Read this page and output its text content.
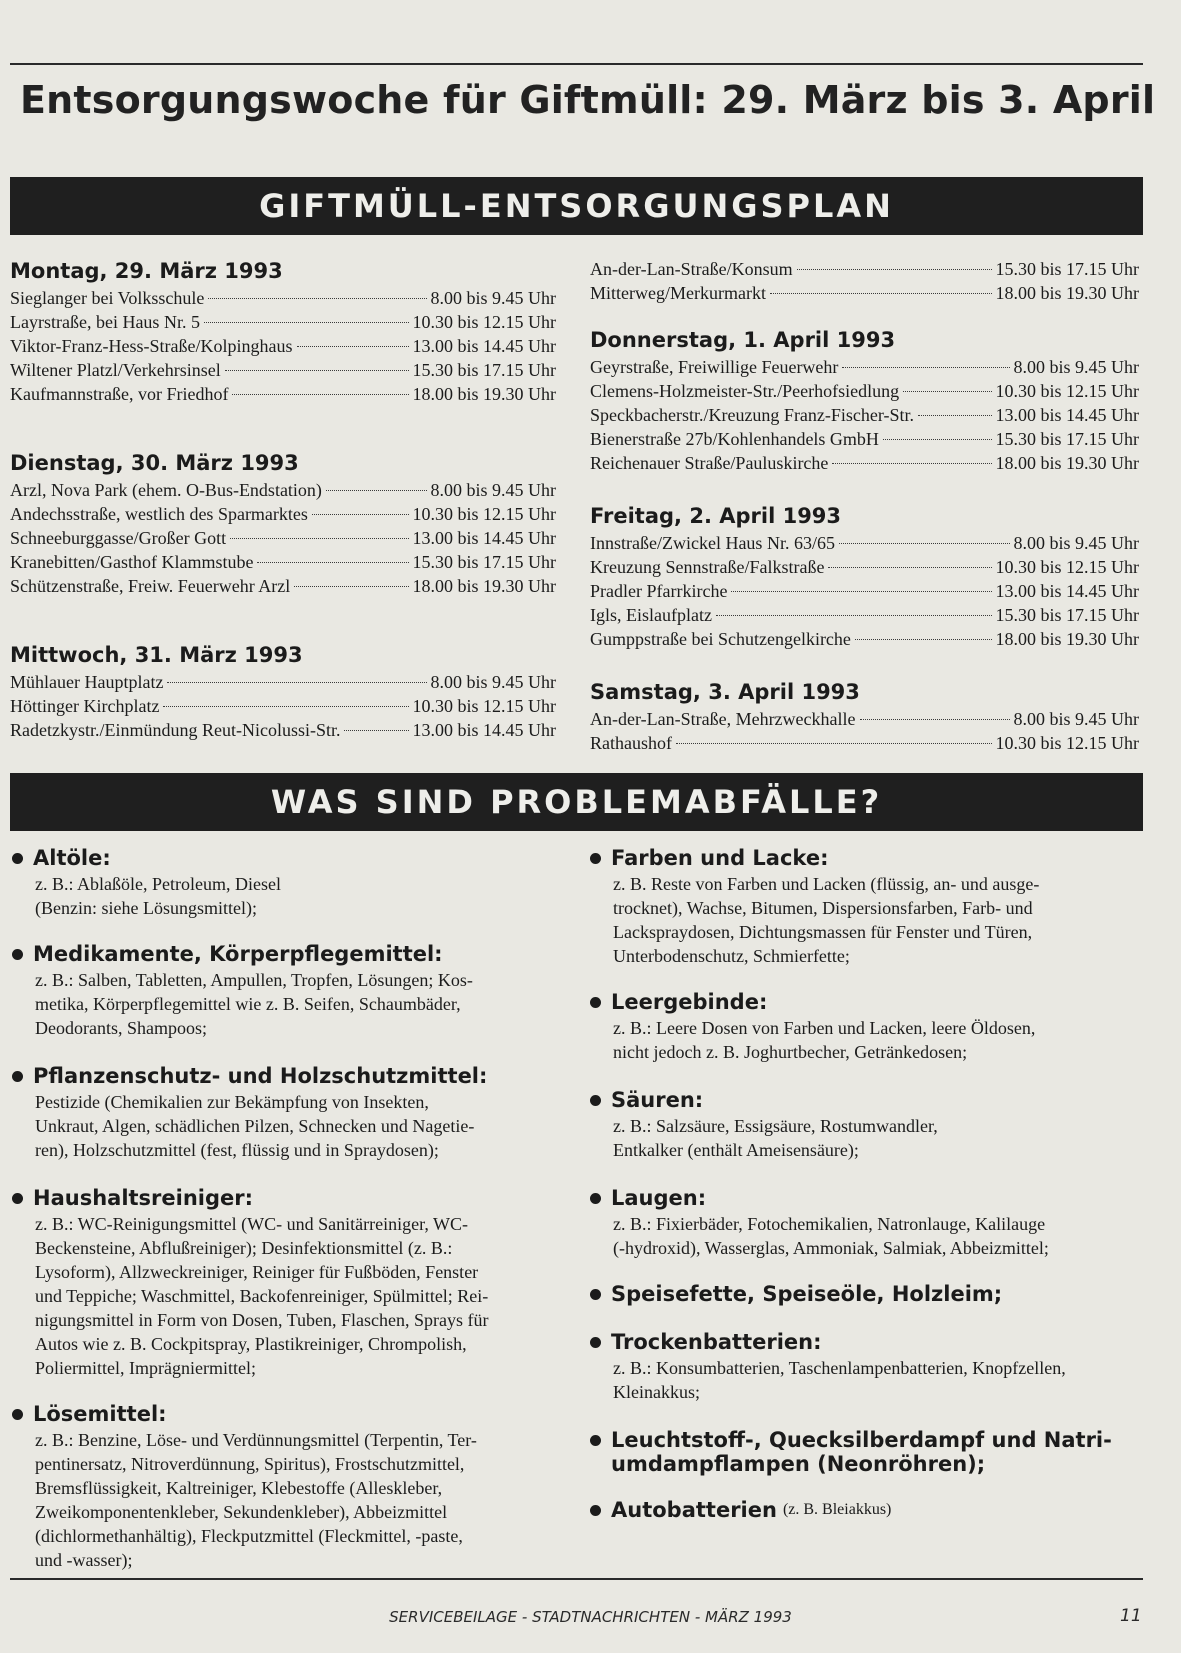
Entsorgungswoche für Giftmüll: 29. März bis 3. April
GIFTMÜLL-ENTSORGUNGSPLAN
Montag, 29. März 1993
Sieglanger bei Volksschule	8.00 bis 9.45 Uhr
Layrstraße, bei Haus Nr. 5	10.30 bis 12.15 Uhr
Viktor-Franz-Hess-Straße/Kolpinghaus	13.00 bis 14.45 Uhr
Wiltener Platzl/Verkehrsinsel	15.30 bis 17.15 Uhr
Kaufmannstraße, vor Friedhof	18.00 bis 19.30 Uhr
Dienstag, 30. März 1993
Arzl, Nova Park (ehem. O-Bus-Endstation)	8.00 bis 9.45 Uhr
Andechsstraße, westlich des Sparmarktes	10.30 bis 12.15 Uhr
Schneeburggasse/Großer Gott	13.00 bis 14.45 Uhr
Kranebitten/Gasthof Klammstube	15.30 bis 17.15 Uhr
Schützenstraße, Freiw. Feuerwehr Arzl	18.00 bis 19.30 Uhr
Mittwoch, 31. März 1993
Mühlauer Hauptplatz	8.00 bis 9.45 Uhr
Höttinger Kirchplatz	10.30 bis 12.15 Uhr
Radetzkystr./Einmündung Reut-Nicolussi-Str.	13.00 bis 14.45 Uhr
An-der-Lan-Straße/Konsum	15.30 bis 17.15 Uhr
Mitterweg/Merkurmarkt	18.00 bis 19.30 Uhr
Donnerstag, 1. April 1993
Geyrstraße, Freiwillige Feuerwehr	8.00 bis 9.45 Uhr
Clemens-Holzmeister-Str./Peerhofsiedlung	10.30 bis 12.15 Uhr
Speckbacherstr./Kreuzung Franz-Fischer-Str.	13.00 bis 14.45 Uhr
Bienerstraße 27b/Kohlenhandels GmbH	15.30 bis 17.15 Uhr
Reichenauer Straße/Pauluskirche	18.00 bis 19.30 Uhr
Freitag, 2. April 1993
Innstraße/Zwickel Haus Nr. 63/65	8.00 bis 9.45 Uhr
Kreuzung Sennstraße/Falkstraße	10.30 bis 12.15 Uhr
Pradler Pfarrkirche	13.00 bis 14.45 Uhr
Igls, Eislaufplatz	15.30 bis 17.15 Uhr
Gumppstraße bei Schutzengelkirche	18.00 bis 19.30 Uhr
Samstag, 3. April 1993
An-der-Lan-Straße, Mehrzweckhalle	8.00 bis 9.45 Uhr
Rathaushof	10.30 bis 12.15 Uhr
WAS SIND PROBLEMABFÄLLE?
Altöle:
z. B.: Ablaßöle, Petroleum, Diesel
(Benzin: siehe Lösungsmittel);
Medikamente, Körperpflegemittel:
z. B.: Salben, Tabletten, Ampullen, Tropfen, Lösungen; Kos-
metika, Körperpflegemittel wie z. B. Seifen, Schaumbäder,
Deodorants, Shampoos;
Pflanzenschutz- und Holzschutzmittel:
Pestizide (Chemikalien zur Bekämpfung von Insekten,
Unkraut, Algen, schädlichen Pilzen, Schnecken und Nagetie-
ren), Holzschutzmittel (fest, flüssig und in Spraydosen);
Haushaltsreiniger:
z. B.: WC-Reinigungsmittel (WC- und Sanitärreiniger, WC-
Beckensteine, Abflußreiniger); Desinfektionsmittel (z. B.:
Lysoform), Allzweckreiniger, Reiniger für Fußböden, Fenster
und Teppiche; Waschmittel, Backofenreiniger, Spülmittel; Rei-
nigungsmittel in Form von Dosen, Tuben, Flaschen, Sprays für
Autos wie z. B. Cockpitspray, Plastikreiniger, Chrompolish,
Poliermittel, Imprägniermittel;
Lösemittel:
z. B.: Benzine, Löse- und Verdünnungsmittel (Terpentin, Ter-
pentinersatz, Nitroverdünnung, Spiritus), Frostschutzmittel,
Bremsflüssigkeit, Kaltreiniger, Klebestoffe (Alleskleber,
Zweikomponentenkleber, Sekundenkleber), Abbeizmittel
(dichlormethanhältig), Fleckputzmittel (Fleckmittel, -paste,
und -wasser);
Farben und Lacke:
z. B. Reste von Farben und Lacken (flüssig, an- und ausge-
trocknet), Wachse, Bitumen, Dispersionsfarben, Farb- und
Lackspraydosen, Dichtungsmassen für Fenster und Türen,
Unterbodenschutz, Schmierfette;
Leergebinde:
z. B.: Leere Dosen von Farben und Lacken, leere Öldosen,
nicht jedoch z. B. Joghurtbecher, Getränkedosen;
Säuren:
z. B.: Salzsäure, Essigsäure, Rostumwandler,
Entkalker (enthält Ameisensäure);
Laugen:
z. B.: Fixierbäder, Fotochemikalien, Natronlauge, Kalilauge
(-hydroxid), Wasserglas, Ammoniak, Salmiak, Abbeizmittel;
Speisefette, Speiseöle, Holzleim;
Trockenbatterien:
z. B.: Konsumbatterien, Taschenlampenbatterien, Knopfzellen,
Kleinakkus;
Leuchtstoff-, Quecksilberdampf und Natri-
umdampflampen (Neonröhren);
Autobatterien (z. B. Bleiakkus)
SERVICEBEILAGE - STADTNACHRICHTEN - MÄRZ 1993	11
